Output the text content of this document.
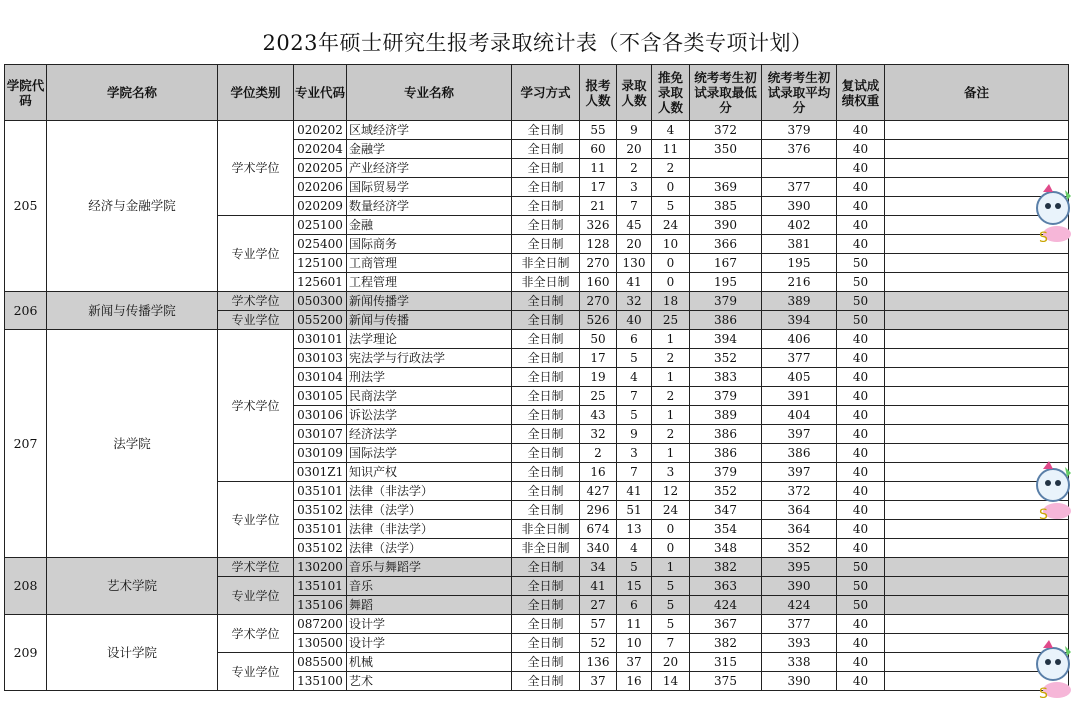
2023年硕士研究生报考录取统计表（不含各类专项计划）
学院代码	学院名称	学位类别	专业代码	专业名称	学习方式	报考人数	录取人数	推免录取人数	统考考生初试录取最低分	统考考生初试录取平均分	复试成绩权重	备注
205	经济与金融学院	学术学位	020202	区域经济学	全日制	55	9	4	372	379	40	
			020204	金融学	全日制	60	20	11	350	376	40	
			020205	产业经济学	全日制	11	2	2			40	
			020206	国际贸易学	全日制	17	3	0	369	377	40	
			020209	数量经济学	全日制	21	7	5	385	390	40	
		专业学位	025100	金融	全日制	326	45	24	390	402	40	
			025400	国际商务	全日制	128	20	10	366	381	40	
			125100	工商管理	非全日制	270	130	0	167	195	50	
			125601	工程管理	非全日制	160	41	0	195	216	50	
206	新闻与传播学院	学术学位	050300	新闻传播学	全日制	270	32	18	379	389	50	
		专业学位	055200	新闻与传播	全日制	526	40	25	386	394	50	
207	法学院	学术学位	030101	法学理论	全日制	50	6	1	394	406	40	
			030103	宪法学与行政法学	全日制	17	5	2	352	377	40	
			030104	刑法学	全日制	19	4	1	383	405	40	
			030105	民商法学	全日制	25	7	2	379	391	40	
			030106	诉讼法学	全日制	43	5	1	389	404	40	
			030107	经济法学	全日制	32	9	2	386	397	40	
			030109	国际法学	全日制	2	3	1	386	386	40	
			0301Z1	知识产权	全日制	16	7	3	379	397	40	
		专业学位	035101	法律（非法学）	全日制	427	41	12	352	372	40	
			035102	法律（法学）	全日制	296	51	24	347	364	40	
			035101	法律（非法学）	非全日制	674	13	0	354	364	40	
			035102	法律（法学）	非全日制	340	4	0	348	352	40	
208	艺术学院	学术学位	130200	音乐与舞蹈学	全日制	34	5	1	382	395	50	
		专业学位	135101	音乐	全日制	41	15	5	363	390	50	
			135106	舞蹈	全日制	27	6	5	424	424	50	
209	设计学院	学术学位	087200	设计学	全日制	57	11	5	367	377	40	
			130500	设计学	全日制	52	10	7	382	393	40	
		专业学位	085500	机械	全日制	136	37	20	315	338	40	
			135100	艺术	全日制	37	16	14	375	390	40	
S
S
S
